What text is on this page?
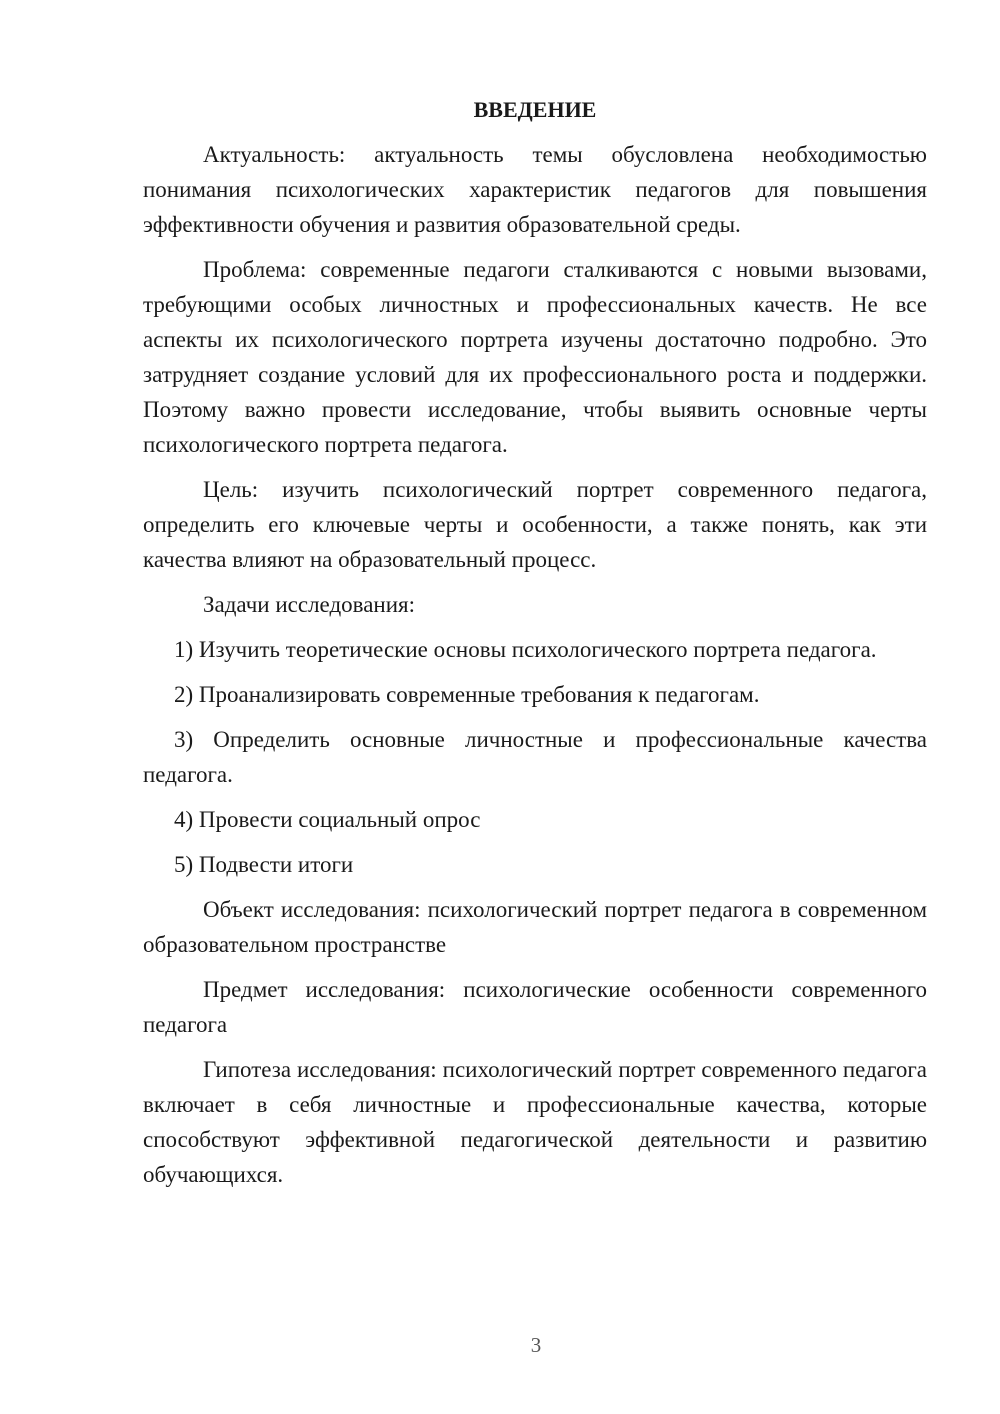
ВВЕДЕНИЕ

Актуальность: актуальность темы обусловлена необходимостью понимания психологических характеристик педагогов для повышения эффективности обучения и развития образовательной среды.

Проблема: современные педагоги сталкиваются с новыми вызовами, требующими особых личностных и профессиональных качеств. Не все аспекты их психологического портрета изучены достаточно подробно. Это затрудняет создание условий для их профессионального роста и поддержки. Поэтому важно провести исследование, чтобы выявить основные черты психологического портрета педагога.

Цель: изучить психологический портрет современного педагога, определить его ключевые черты и особенности, а также понять, как эти качества влияют на образовательный процесс.

Задачи исследования:

1) Изучить теоретические основы психологического портрета педагога.

2) Проанализировать современные требования к педагогам.

3) Определить основные личностные и профессиональные качества педагога.

4) Провести социальный опрос

5) Подвести итоги

Объект исследования: психологический портрет педагога в современном образовательном пространстве

Предмет исследования: психологические особенности современного педагога

Гипотеза исследования: психологический портрет современного педагога включает в себя личностные и профессиональные качества, которые способствуют эффективной педагогической деятельности и развитию обучающихся.

3
